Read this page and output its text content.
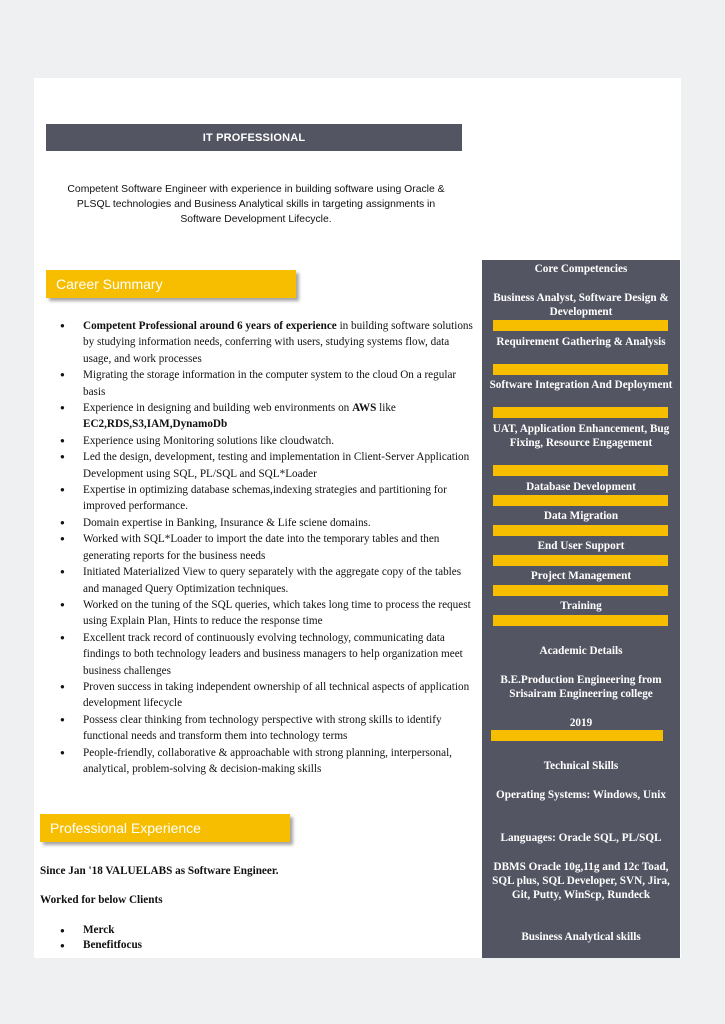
IT PROFESSIONAL
Competent Software Engineer with experience in building software using Oracle & PLSQL technologies and Business Analytical skills in targeting assignments in Software Development Lifecycle.
Career Summary
● Competent Professional around 6 years of experience in building software solutions by studying information needs, conferring with users, studying systems flow, data usage, and work processes
● Migrating the storage information in the computer system to the cloud On a regular basis
● Experience in designing and building web environments on AWS like EC2,RDS,S3,IAM,DynamoDb
● Experience using Monitoring solutions like cloudwatch.
● Led the design, development, testing and implementation in Client-Server Application Development using SQL, PL/SQL and SQL*Loader
● Expertise in optimizing database schemas,indexing strategies and partitioning for improved performance.
● Domain expertise in Banking, Insurance & Life sciene domains.
● Worked with SQL*Loader to import the date into the temporary tables and then generating reports for the business needs
● Initiated Materialized View to query separately with the aggregate copy of the tables and managed Query Optimization techniques.
● Worked on the tuning of the SQL queries, which takes long time to process the request using Explain Plan, Hints to reduce the response time
● Excellent track record of continuously evolving technology, communicating data findings to both technology leaders and business managers to help organization meet business challenges
● Proven success in taking independent ownership of all technical aspects of application development lifecycle
● Possess clear thinking from technology perspective with strong skills to identify functional needs and transform them into technology terms
● People-friendly, collaborative & approachable with strong planning, interpersonal, analytical, problem-solving & decision-making skills
Professional Experience
Since Jan '18 VALUELABS as Software Engineer.
Worked for below Clients
● Merck
● Benefitfocus
Core Competencies
Business Analyst, Software Design & Development
Requirement Gathering & Analysis
Software Integration And Deployment
UAT, Application Enhancement, Bug Fixing, Resource Engagement
Database Development
Data Migration
End User Support
Project Management
Training
Academic Details
B.E.Production Engineering from Srisairam Engineering college
2019
Technical Skills
Operating Systems: Windows, Unix
Languages: Oracle SQL, PL/SQL
DBMS Oracle 10g,11g and 12c Toad, SQL plus, SQL Developer, SVN, Jira, Git, Putty, WinScp, Rundeck
Business Analytical skills
